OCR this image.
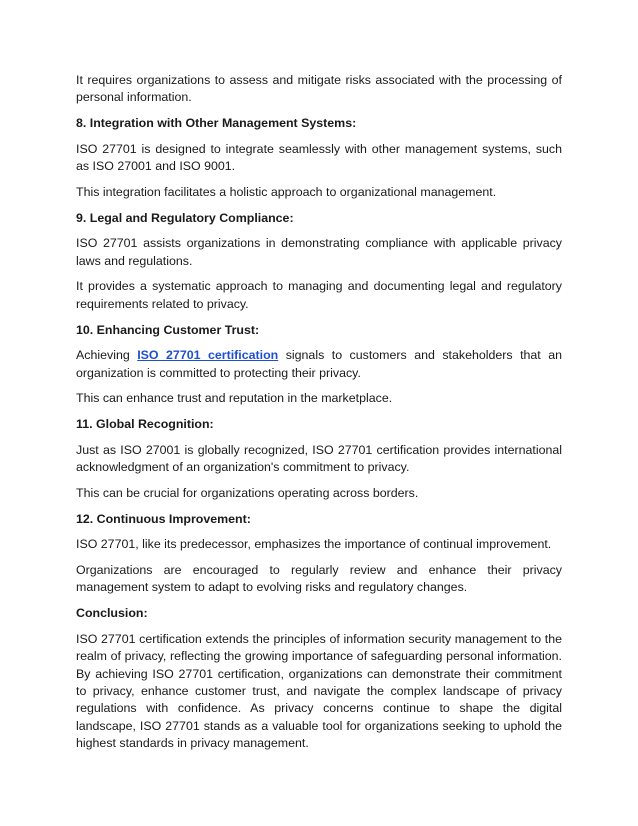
It requires organizations to assess and mitigate risks associated with the processing of personal information.

8. Integration with Other Management Systems:

ISO 27701 is designed to integrate seamlessly with other management systems, such as ISO 27001 and ISO 9001.

This integration facilitates a holistic approach to organizational management.

9. Legal and Regulatory Compliance:

ISO 27701 assists organizations in demonstrating compliance with applicable privacy laws and regulations.

It provides a systematic approach to managing and documenting legal and regulatory requirements related to privacy.

10. Enhancing Customer Trust:

Achieving ISO 27701 certification signals to customers and stakeholders that an organization is committed to protecting their privacy.

This can enhance trust and reputation in the marketplace.

11. Global Recognition:

Just as ISO 27001 is globally recognized, ISO 27701 certification provides international acknowledgment of an organization's commitment to privacy.

This can be crucial for organizations operating across borders.

12. Continuous Improvement:

ISO 27701, like its predecessor, emphasizes the importance of continual improvement.

Organizations are encouraged to regularly review and enhance their privacy management system to adapt to evolving risks and regulatory changes.

Conclusion:

ISO 27701 certification extends the principles of information security management to the realm of privacy, reflecting the growing importance of safeguarding personal information. By achieving ISO 27701 certification, organizations can demonstrate their commitment to privacy, enhance customer trust, and navigate the complex landscape of privacy regulations with confidence. As privacy concerns continue to shape the digital landscape, ISO 27701 stands as a valuable tool for organizations seeking to uphold the highest standards in privacy management.
